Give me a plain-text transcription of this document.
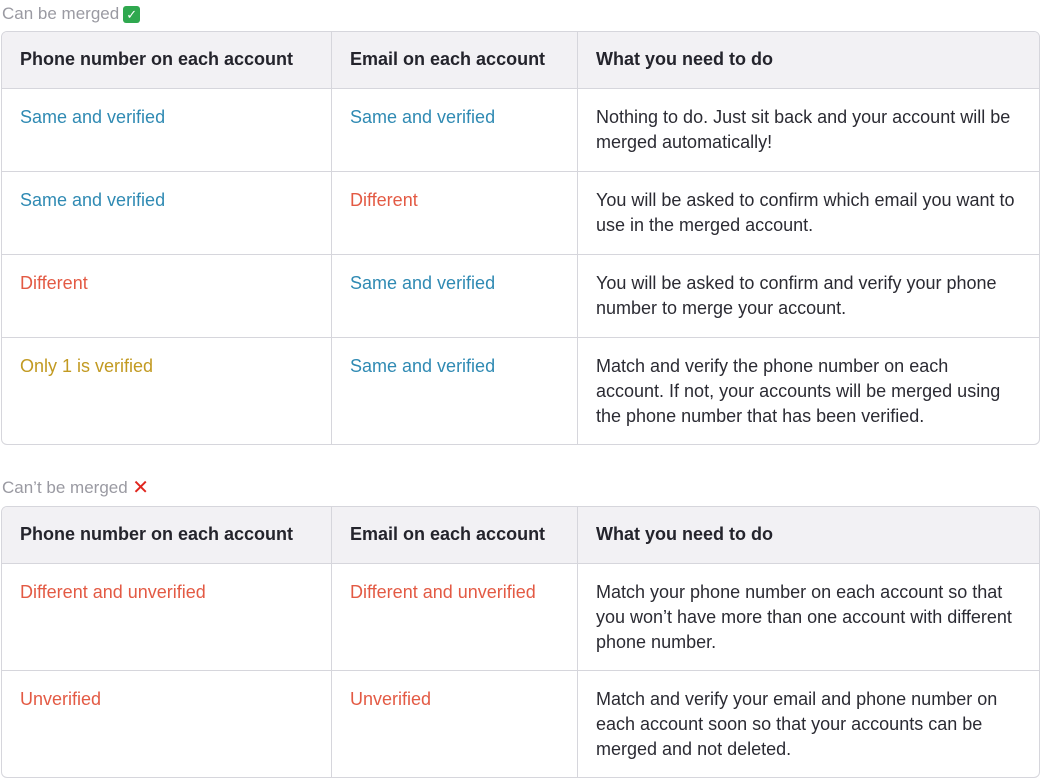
Can be merged ✓
Phone number on each account	Email on each account	What you need to do
Same and verified	Same and verified	Nothing to do. Just sit back and your account will be merged automatically!
Same and verified	Different	You will be asked to confirm which email you want to use in the merged account.
Different	Same and verified	You will be asked to confirm and verify your phone number to merge your account.
Only 1 is verified	Same and verified	Match and verify the phone number on each account. If not, your accounts will be merged using the phone number that has been verified.
Can’t be merged ✕
Phone number on each account	Email on each account	What you need to do
Different and unverified	Different and unverified	Match your phone number on each account so that you won’t have more than one account with different phone number.
Unverified	Unverified	Match and verify your email and phone number on each account soon so that your accounts can be merged and not deleted.
